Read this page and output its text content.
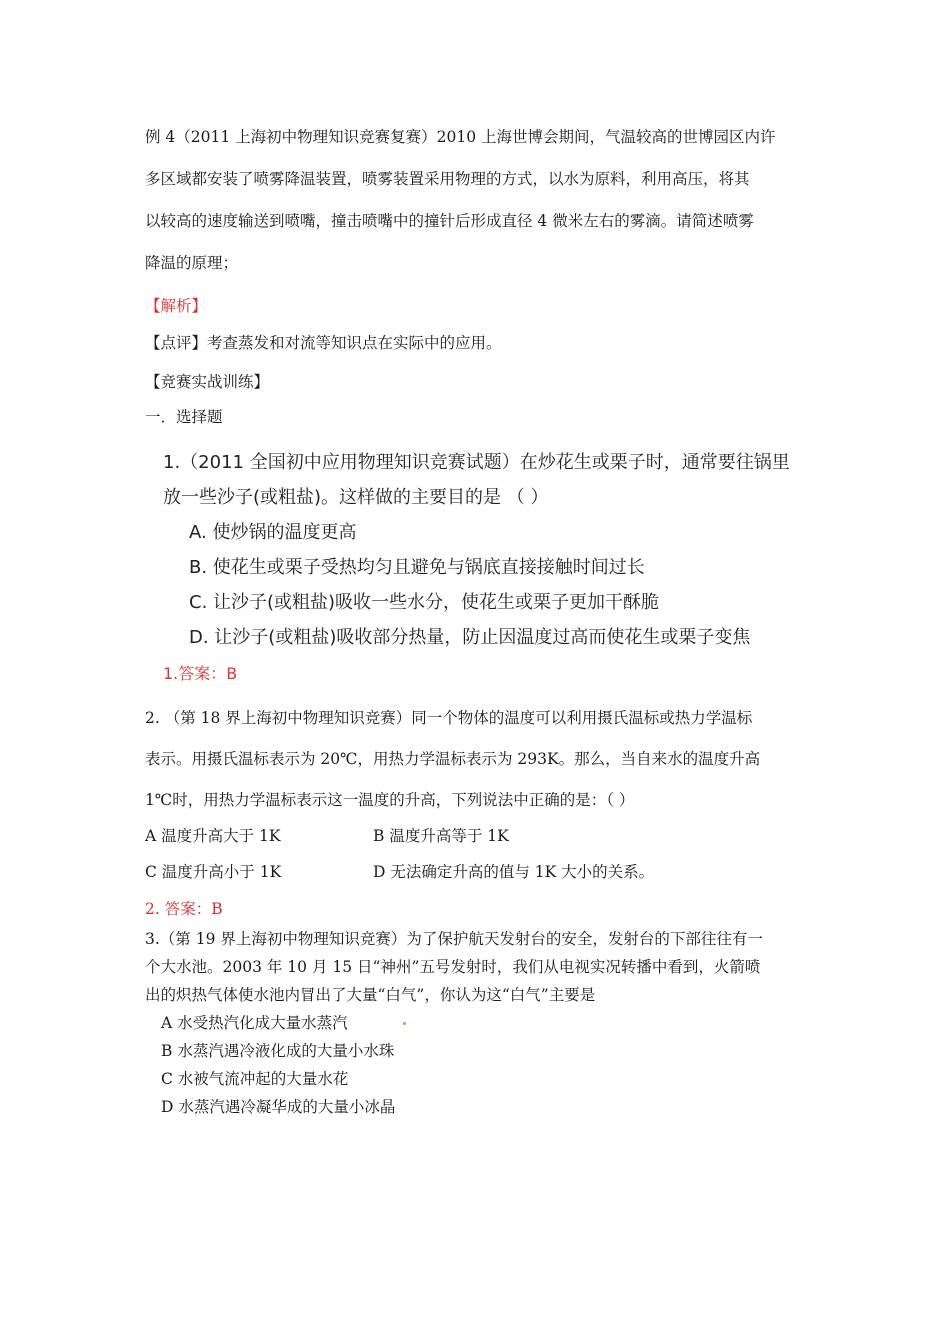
例 4（2011 上海初中物理知识竞赛复赛）2010 上海世博会期间，气温较高的世博园区内许
多区域都安装了喷雾降温装置，喷雾装置采用物理的方式，以水为原料，利用高压，将其
以较高的速度输送到喷嘴，撞击喷嘴中的撞针后形成直径 4 微米左右的雾滴。请简述喷雾
降温的原理；
【解析】
【点评】考查蒸发和对流等知识点在实际中的应用。
【竞赛实战训练】
一．选择题
1.（2011 全国初中应用物理知识竞赛试题）在炒花生或栗子时，通常要往锅里
放一些沙子(或粗盐)。这样做的主要目的是 （ ）
A. 使炒锅的温度更高
B. 使花生或栗子受热均匀且避免与锅底直接接触时间过长
C. 让沙子(或粗盐)吸收一些水分，使花生或栗子更加干酥脆
D. 让沙子(或粗盐)吸收部分热量，防止因温度过高而使花生或栗子变焦
1.答案：B
2. （第 18 界上海初中物理知识竞赛）同一个物体的温度可以利用摄氏温标或热力学温标
表示。用摄氏温标表示为 20℃，用热力学温标表示为 293K。那么，当自来水的温度升高
1℃时，用热力学温标表示这一温度的升高，下列说法中正确的是：（ ）
A 温度升高大于 1K	B 温度升高等于 1K
C 温度升高小于 1K	D 无法确定升高的值与 1K 大小的关系。
2. 答案：B
3.（第 19 界上海初中物理知识竞赛）为了保护航天发射台的安全，发射台的下部往往有一
个大水池。2003 年 10 月 15 日“神州”五号发射时，我们从电视实况转播中看到，火箭喷
出的炽热气体使水池内冒出了大量“白气”，你认为这“白气”主要是
A 水受热汽化成大量水蒸汽
B 水蒸汽遇冷液化成的大量小水珠
C 水被气流冲起的大量水花
D 水蒸汽遇冷凝华成的大量小冰晶
